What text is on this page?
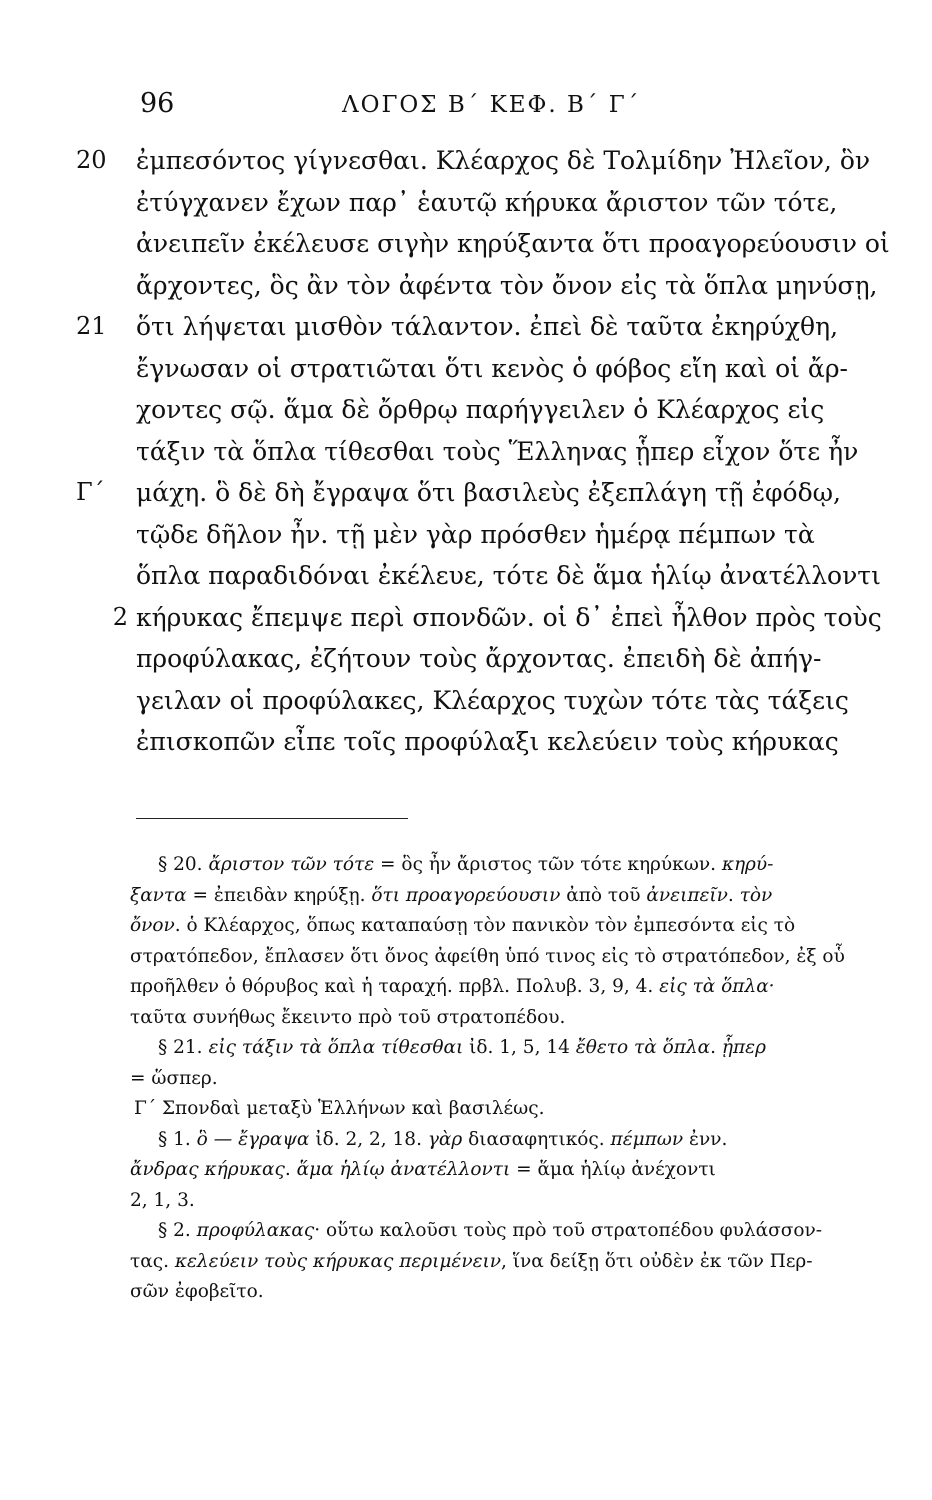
96	ΛΟΓΟΣ Β΄ ΚΕΦ. Β΄ Γ΄
20	ἐμπεσόντος γίγνεσθαι. Κλέαρχος δὲ Τολμίδην Ἠλεῖον, ὃν
ἐτύγχανεν ἔχων παρ᾽ ἑαυτῷ κήρυκα ἄριστον τῶν τότε,
ἀνειπεῖν ἐκέλευσε σιγὴν κηρύξαντα ὅτι προαγορεύουσιν οἱ
ἄρχοντες, ὃς ἂν τὸν ἀφέντα τὸν ὄνον εἰς τὰ ὅπλα μηνύσῃ,
21	ὅτι λήψεται μισθὸν τάλαντον. ἐπεὶ δὲ ταῦτα ἐκηρύχθη,
ἔγνωσαν οἱ στρατιῶται ὅτι κενὸς ὁ φόβος εἴη καὶ οἱ ἄρ-
χοντες σῷ. ἅμα δὲ ὄρθρῳ παρήγγειλεν ὁ Κλέαρχος εἰς
τάξιν τὰ ὅπλα τίθεσθαι τοὺς Ἕλληνας ᾗπερ εἶχον ὅτε ἦν
Γ΄	μάχη. ὃ δὲ δὴ ἔγραψα ὅτι βασιλεὺς ἐξεπλάγη τῇ ἐφόδῳ,
τῷδε δῆλον ἦν. τῇ μὲν γὰρ πρόσθεν ἡμέρᾳ πέμπων τὰ
ὅπλα παραδιδόναι ἐκέλευε, τότε δὲ ἅμα ἡλίῳ ἀνατέλλοντι
2 κήρυκας ἔπεμψε περὶ σπονδῶν. οἱ δ᾽ ἐπεὶ ἦλθον πρὸς τοὺς
προφύλακας, ἐζήτουν τοὺς ἄρχοντας. ἐπειδὴ δὲ ἀπήγ-
γειλαν οἱ προφύλακες, Κλέαρχος τυχὼν τότε τὰς τάξεις
ἐπισκοπῶν εἶπε τοῖς προφύλαξι κελεύειν τοὺς κήρυκας
§ 20. ἄριστον τῶν τότε = ὃς ἦν ἄριστος τῶν τότε κηρύκων. κηρύ-
ξαντα = ἐπειδὰν κηρύξῃ. ὅτι προαγορεύουσιν ἀπὸ τοῦ ἀνειπεῖν. τὸν
ὄνον. ὁ Κλέαρχος, ὅπως καταπαύσῃ τὸν πανικὸν τὸν ἐμπεσόντα εἰς τὸ
στρατόπεδον, ἔπλασεν ὅτι ὄνος ἀφείθη ὑπό τινος εἰς τὸ στρατόπεδον, ἐξ οὗ
προῆλθεν ὁ θόρυβος καὶ ἡ ταραχή. πρβλ. Πολυβ. 3, 9, 4. εἰς τὰ ὅπλα·
ταῦτα συνήθως ἔκειντο πρὸ τοῦ στρατοπέδου.
§ 21. εἰς τάξιν τὰ ὅπλα τίθεσθαι ἰδ. 1, 5, 14 ἔθετο τὰ ὅπλα. ᾗπερ
= ὥσπερ.
Γ΄ Σπονδαὶ μεταξὺ Ἑλλήνων καὶ βασιλέως.
§ 1. ὃ — ἔγραψα ἰδ. 2, 2, 18. γὰρ διασαφητικός. πέμπων ἐνν.
ἄνδρας κήρυκας. ἅμα ἡλίῳ ἀνατέλλοντι = ἅμα ἡλίῳ ἀνέχοντι
2, 1, 3.
§ 2. προφύλακας· οὕτω καλοῦσι τοὺς πρὸ τοῦ στρατοπέδου φυλάσσον-
τας. κελεύειν τοὺς κήρυκας περιμένειν, ἵνα δείξῃ ὅτι οὐδὲν ἐκ τῶν Περ-
σῶν ἐφοβεῖτο.
